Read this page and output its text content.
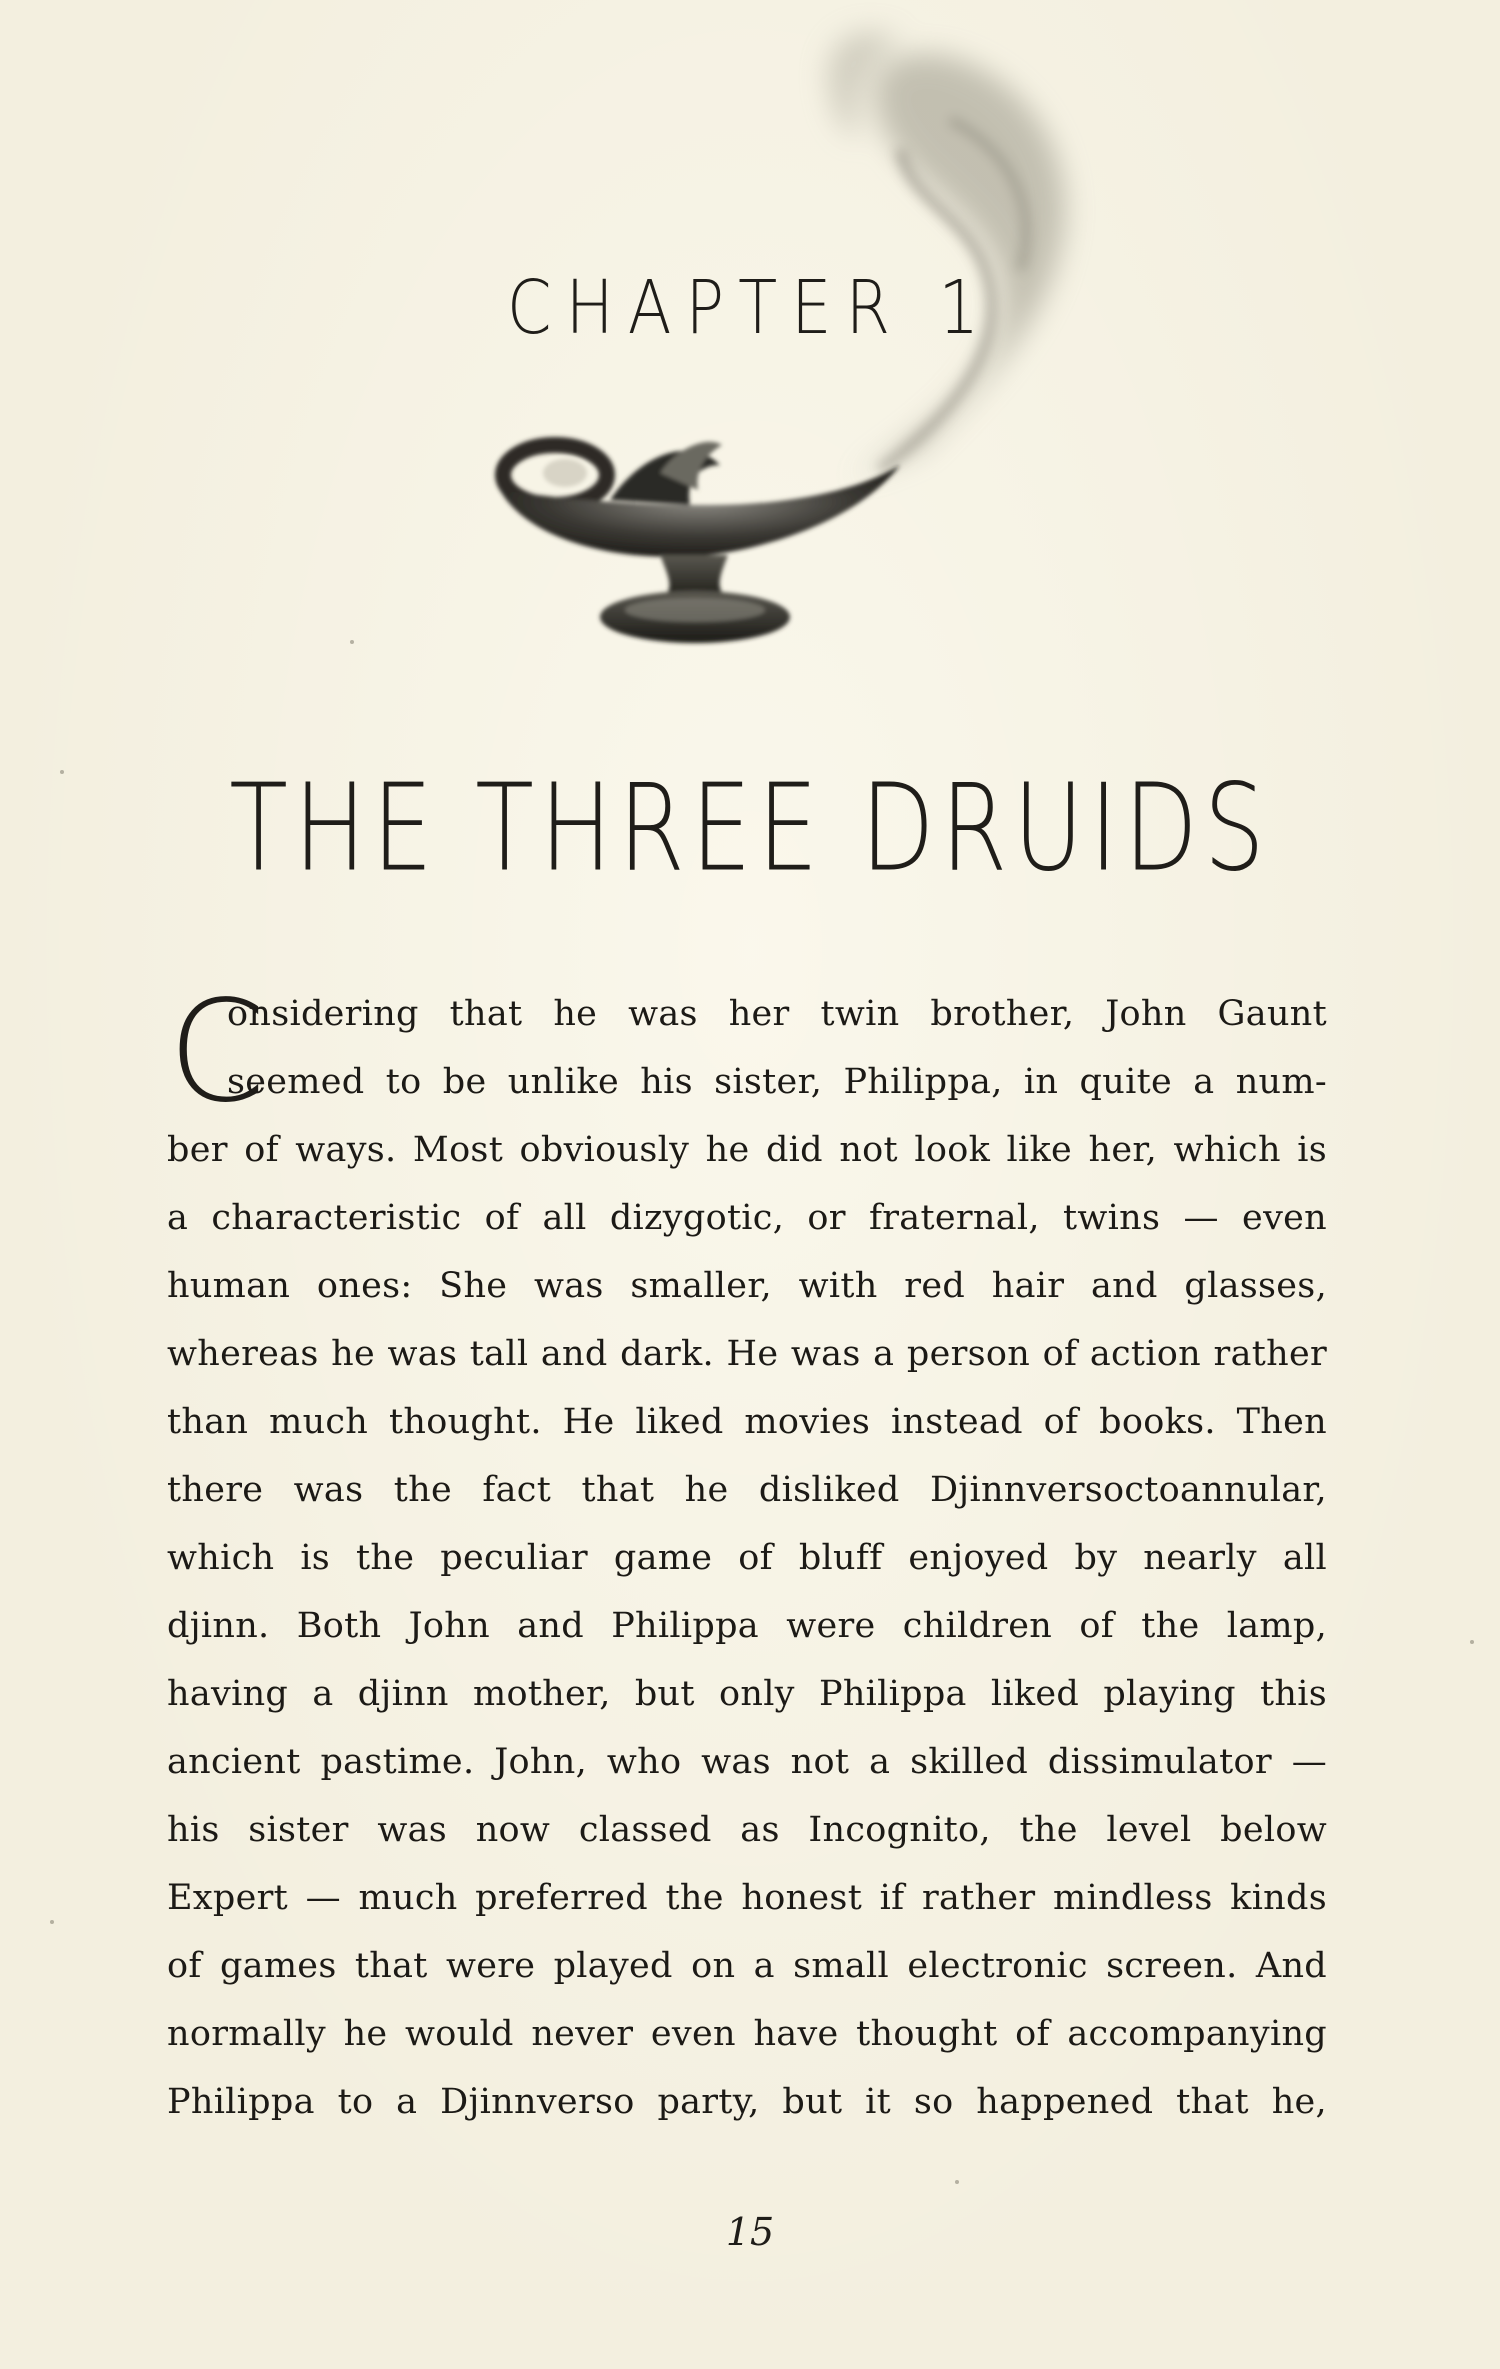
CHAPTER 1
THE THREE DRUIDS
C
onsidering that he was her twin brother, John Gaunt
seemed to be unlike his sister, Philippa, in quite a num-
ber of ways. Most obviously he did not look like her, which is
a characteristic of all dizygotic, or fraternal, twins — even
human ones: She was smaller, with red hair and glasses,
whereas he was tall and dark. He was a person of action rather
than much thought. He liked movies instead of books. Then
there was the fact that he disliked Djinnversoctoannular,
which is the peculiar game of bluff enjoyed by nearly all
djinn. Both John and Philippa were children of the lamp,
having a djinn mother, but only Philippa liked playing this
ancient pastime. John, who was not a skilled dissimulator —
his sister was now classed as Incognito, the level below
Expert — much preferred the honest if rather mindless kinds
of games that were played on a small electronic screen. And
normally he would never even have thought of accompanying
Philippa to a Djinnverso party, but it so happened that he,
15
